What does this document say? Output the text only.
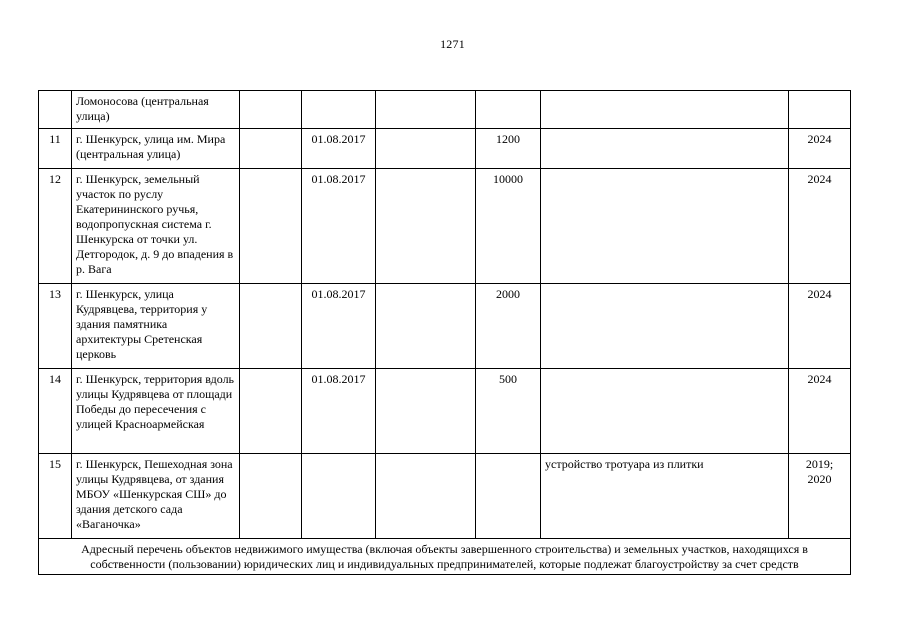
1271
	Ломоносова (центральная улица)						
11	г. Шенкурск, улица им. Мира (центральная улица)		01.08.2017		1200		2024
12	г. Шенкурск, земельный участок по руслу Екатерининского ручья, водопропускная система г. Шенкурска от точки ул. Детгородок, д. 9 до впадения в р. Вага		01.08.2017		10000		2024
13	г. Шенкурск, улица Кудрявцева, территория у здания памятника архитектуры Сретенская церковь		01.08.2017		2000		2024
14	г. Шенкурск, территория вдоль улицы Кудрявцева от площади Победы до пересечения с улицей Красноармейская		01.08.2017		500		2024
15	г. Шенкурск, Пешеходная зона улицы Кудрявцева, от здания МБОУ «Шенкурская СШ» до здания детского сада «Ваганочка»					устройство тротуара из плитки	2019; 2020
Адресный перечень объектов недвижимого имущества (включая объекты завершенного строительства) и земельных участков, находящихся в собственности (пользовании) юридических лиц и индивидуальных предпринимателей, которые подлежат благоустройству за счет средств							
